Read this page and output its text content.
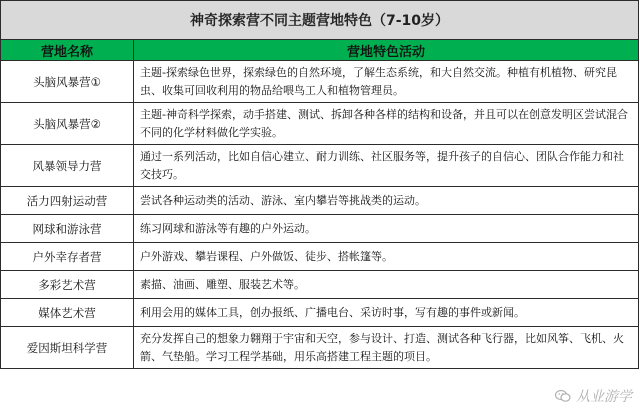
神奇探索营不同主题营地特色（7-10岁）	
营地名称	营地特色活动
头脑风暴营①	主题-探索绿色世界，探索绿色的自然环境，了解生态系统，和大自然交流。种植有机植物、研究昆虫、收集可回收利用的物品给喂鸟工人和植物管理员。
头脑风暴营②	主题-神奇科学探索，动手搭建、测试、拆卸各种各样的结构和设备，并且可以在创意发明区尝试混合不同的化学材料做化学实验。
风暴领导力营	通过一系列活动，比如自信心建立、耐力训练、社区服务等，提升孩子的自信心、团队合作能力和社交技巧。
活力四射运动营	尝试各种运动类的活动、游泳、室内攀岩等挑战类的运动。
网球和游泳营	练习网球和游泳等有趣的户外运动。
户外幸存者营	户外游戏、攀岩课程、户外做饭、徒步、搭帐篷等。
多彩艺术营	素描、油画、雕塑、服装艺术等。
媒体艺术营	利用会用的媒体工具，创办报纸、广播电台、采访时事，写有趣的事件或新闻。
爱因斯坦科学营	充分发挥自己的想象力翱翔于宇宙和天空，参与设计、打造、测试各种飞行器，比如风筝、飞机、火箭、气垫船。学习工程学基础，用乐高搭建工程主题的项目。
从业游学
